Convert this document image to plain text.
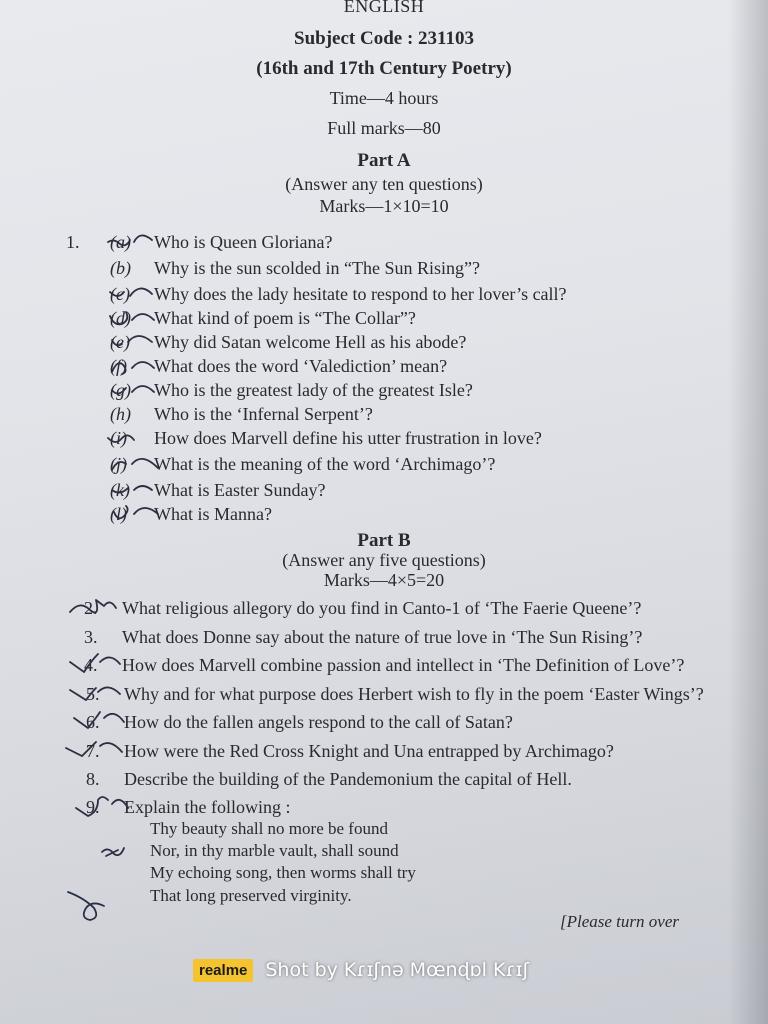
ENGLISH
Subject Code : 231103
(16th and 17th Century Poetry)
Time—4 hours
Full marks—80
Part A
(Answer any ten questions)
Marks—1×10=10
1. (a) Who is Queen Gloriana?
(b) Why is the sun scolded in “The Sun Rising”?
(c) Why does the lady hesitate to respond to her lover’s call?
(d) What kind of poem is “The Collar”?
(e) Why did Satan welcome Hell as his abode?
(f) What does the word ‘Valediction’ mean?
(g) Who is the greatest lady of the greatest Isle?
(h) Who is the ‘Infernal Serpent’?
(i) How does Marvell define his utter frustration in love?
(j) What is the meaning of the word ‘Archimago’?
(k) What is Easter Sunday?
(l) What is Manna?
Part B
(Answer any five questions)
Marks—4×5=20
2. What religious allegory do you find in Canto-1 of ‘The Faerie Queene’?
3. What does Donne say about the nature of true love in ‘The Sun Rising’?
4. How does Marvell combine passion and intellect in ‘The Definition of Love’?
5. Why and for what purpose does Herbert wish to fly in the poem ‘Easter Wings’?
6. How do the fallen angels respond to the call of Satan?
7. How were the Red Cross Knight and Una entrapped by Archimago?
8. Describe the building of the Pandemonium the capital of Hell.
9. Explain the following :
Thy beauty shall no more be found
Nor, in thy marble vault, shall sound
My echoing song, then worms shall try
That long preserved virginity.
[Please turn over
realme Shot by Kɾɪʃnə Mœnɖɒl Kɾɪʃ
